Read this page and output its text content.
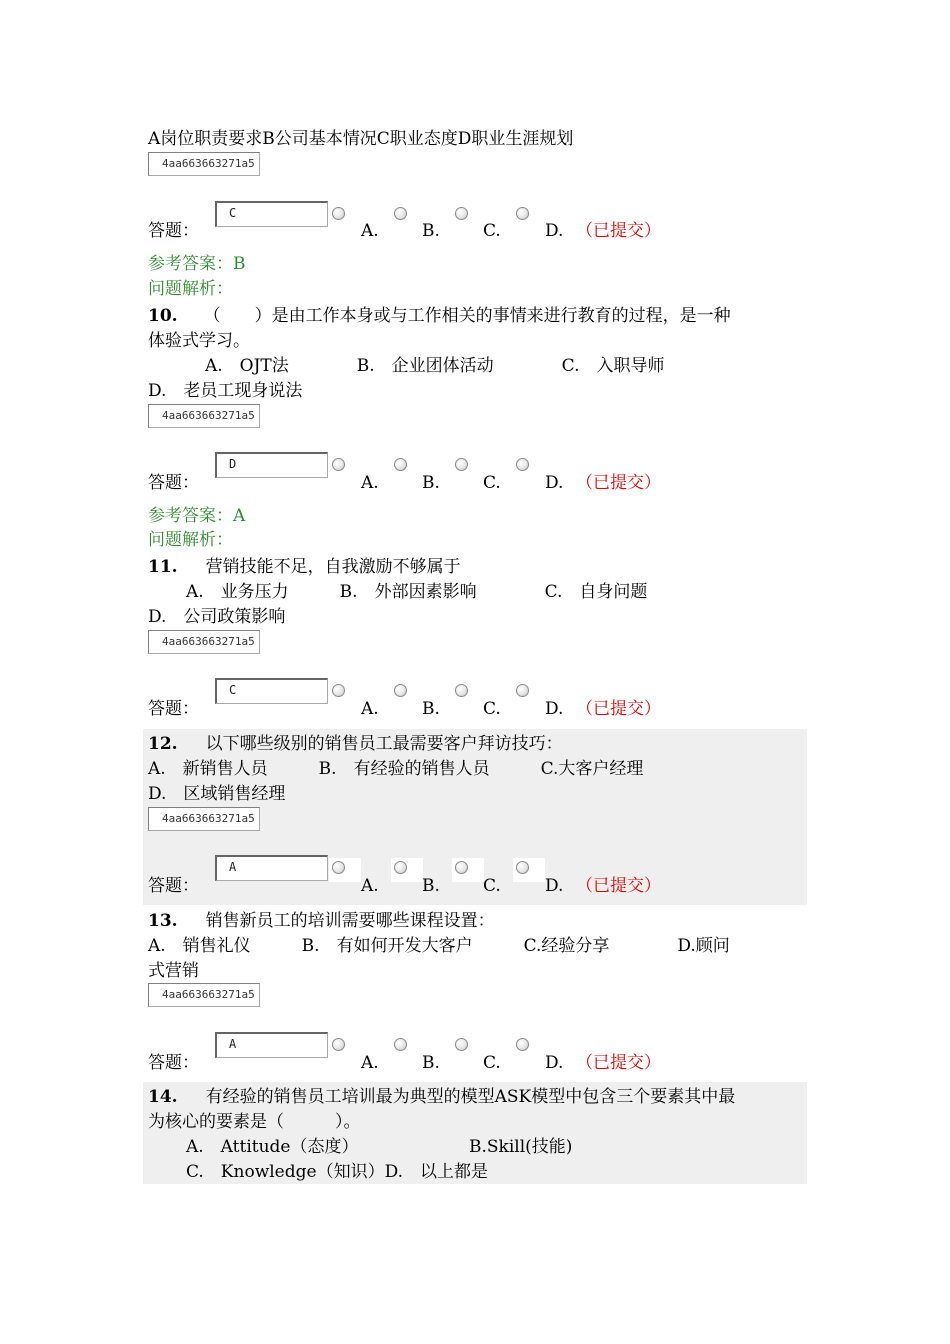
A岗位职责要求B公司基本情况C职业态度D职业生涯规划
4aa663663271a5
C
答题：	A.	B.	C.	D. （已提交）
参考答案：B
问题解析：
10. （　　）是由工作本身或与工作相关的事情来进行教育的过程，是一种
体验式学习。
A.　OJT法　　　　B.　企业团体活动　　　　C.　入职导师
D.　老员工现身说法
4aa663663271a5
D
答题：	A.	B.	C.	D. （已提交）
参考答案：A
问题解析：
11. 营销技能不足，自我激励不够属于
A.　业务压力　　　B.　外部因素影响　　　　C.　自身问题
D.　公司政策影响
4aa663663271a5
C
答题：	A.	B.	C.	D. （已提交）
12. 以下哪些级别的销售员工最需要客户拜访技巧：
A.　新销售人员　　　B.　有经验的销售人员　　　C.大客户经理
D.　区域销售经理
4aa663663271a5
A
答题：	A.	B.	C.	D. （已提交）
13. 销售新员工的培训需要哪些课程设置：
A.　销售礼仪　　　B.　有如何开发大客户　　　C.经验分享　　　　D.顾问
式营销
4aa663663271a5
A
答题：	A.	B.	C.	D. （已提交）
14. 有经验的销售员工培训最为典型的模型ASK模型中包含三个要素其中最
为核心的要素是（　　　）。
A.　Attitude（态度）　　　　　　　B.Skill(技能)
C.　Knowledge（知识）D.　以上都是
